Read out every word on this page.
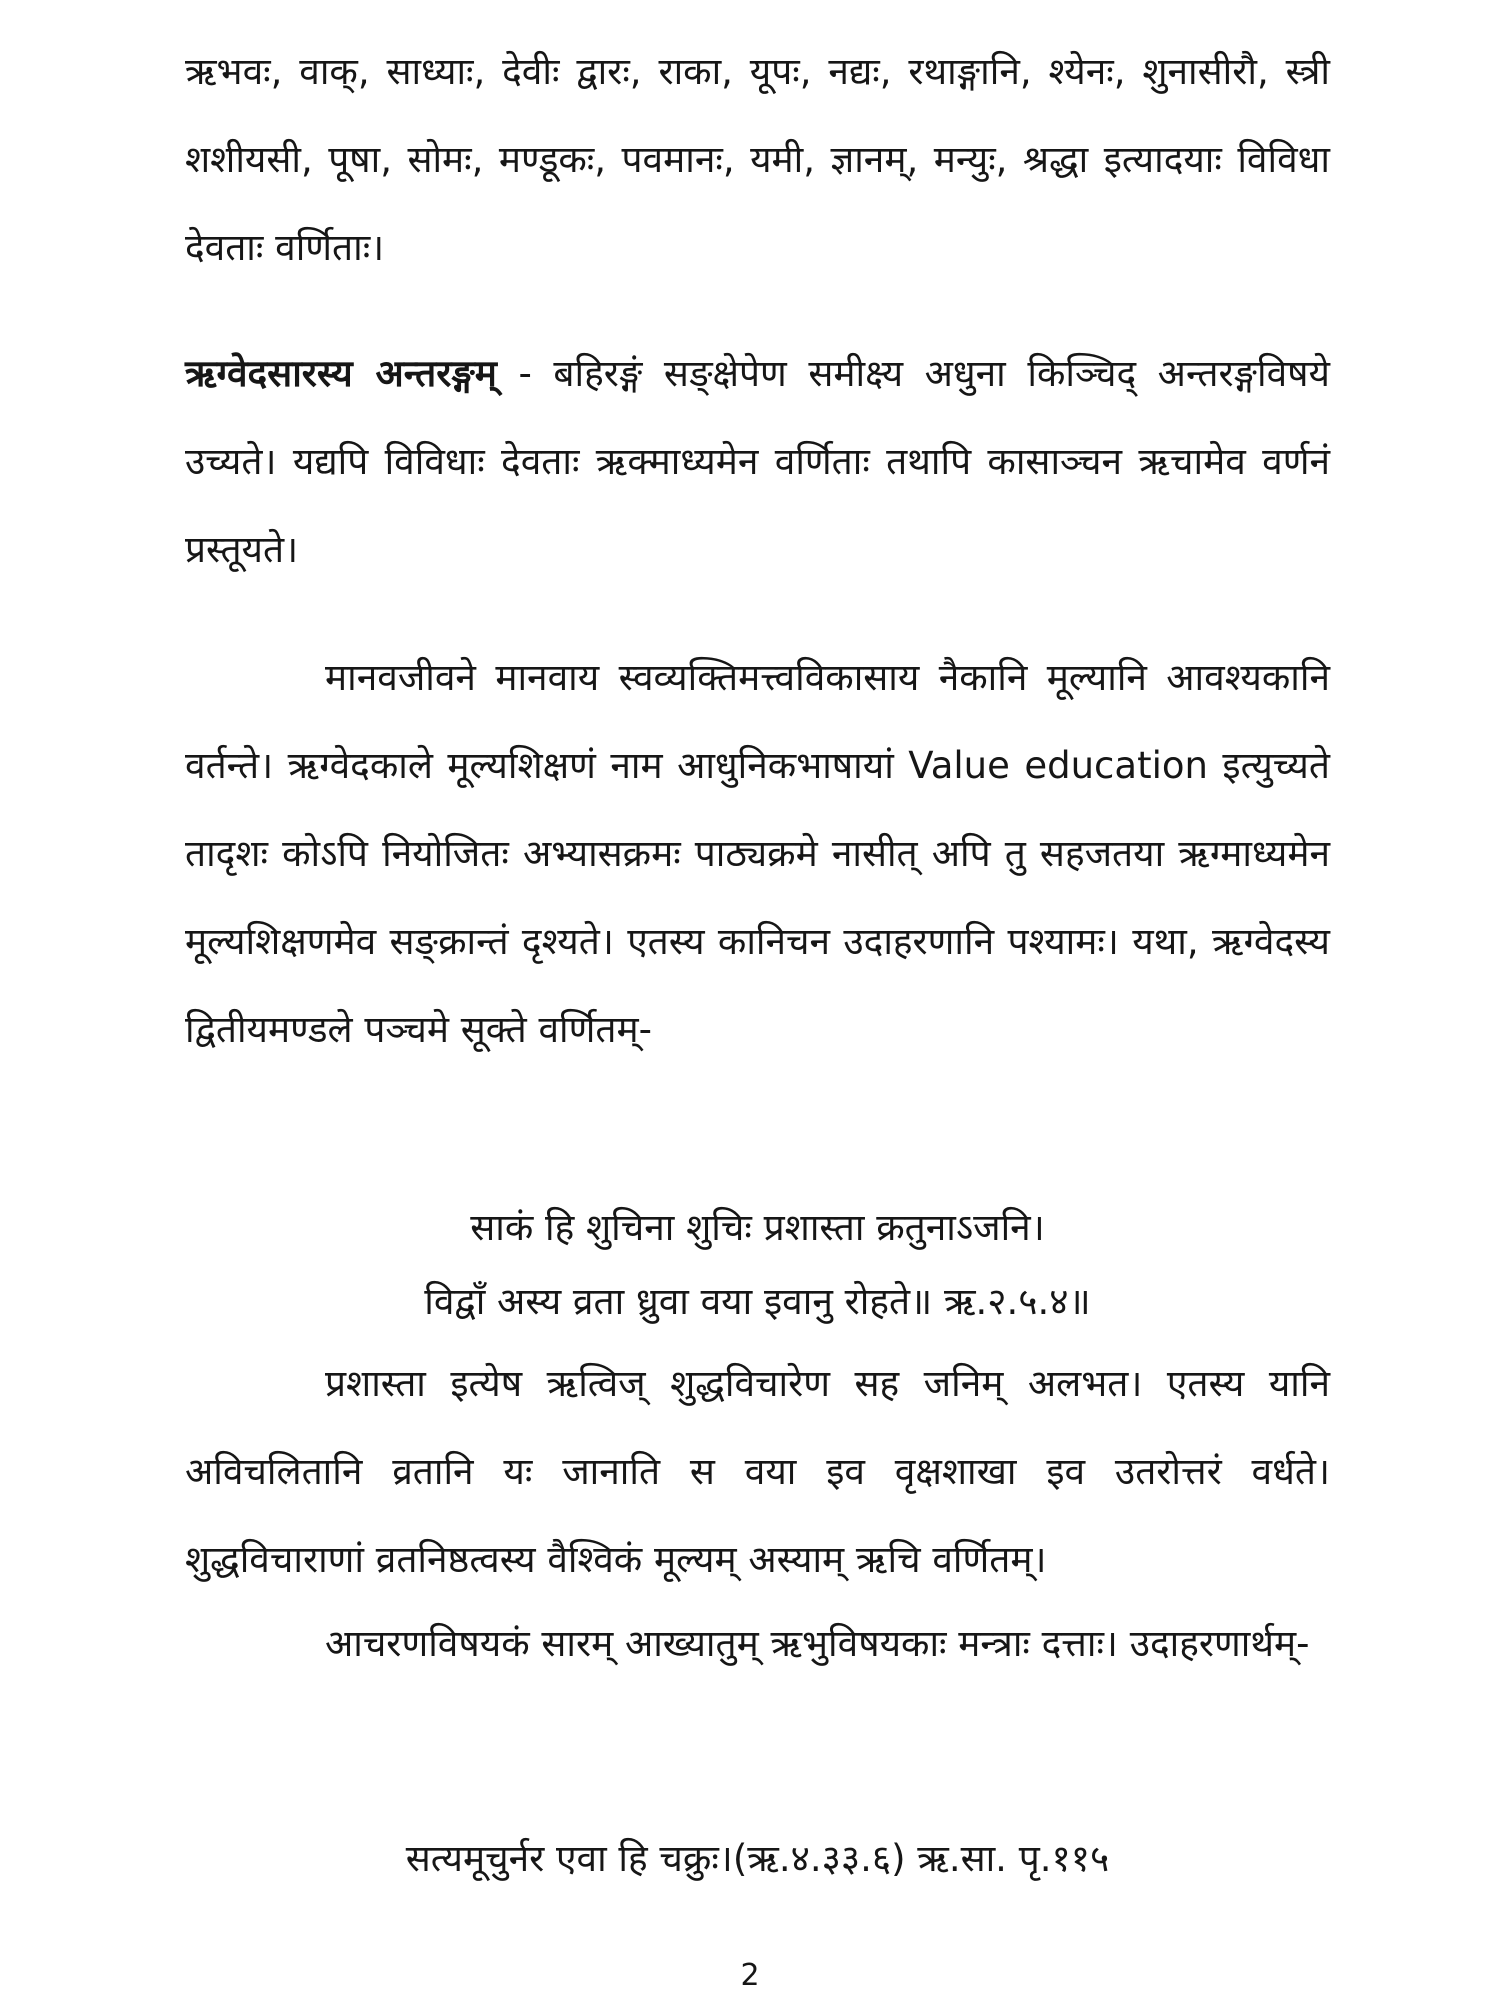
ऋभवः, वाक्, साध्याः, देवीः द्वारः, राका, यूपः, नद्यः, रथाङ्गानि, श्येनः, शुनासीरौ, स्त्री शशीयसी, पूषा, सोमः, मण्डूकः, पवमानः, यमी, ज्ञानम्, मन्युः, श्रद्धा इत्यादयाः विविधा देवताः वर्णिताः।

ऋग्वेदसारस्य अन्तरङ्गम् - बहिरङ्गं सङ्क्षेपेण समीक्ष्य अधुना किञ्चिद् अन्तरङ्गविषये उच्यते। यद्यपि विविधाः देवताः ऋक्माध्यमेन वर्णिताः तथापि कासाञ्चन ऋचामेव वर्णनं प्रस्तूयते।

मानवजीवने मानवाय स्वव्यक्तिमत्त्वविकासाय नैकानि मूल्यानि आवश्यकानि वर्तन्ते। ऋग्वेदकाले मूल्यशिक्षणं नाम आधुनिकभाषायां Value education इत्युच्यते तादृशः कोऽपि नियोजितः अभ्यासक्रमः पाठ्यक्रमे नासीत् अपि तु सहजतया ऋग्माध्यमेन मूल्यशिक्षणमेव सङ्क्रान्तं दृश्यते। एतस्य कानिचन उदाहरणानि पश्यामः। यथा, ऋग्वेदस्य द्वितीयमण्डले पञ्चमे सूक्ते वर्णितम्-

साकं हि शुचिना शुचिः प्रशास्ता क्रतुनाऽजनि।

विद्वाँ अस्य व्रता ध्रुवा वया इवानु रोहते॥ ऋ.२.५.४॥

प्रशास्ता इत्येष ऋत्विज् शुद्धविचारेण सह जनिम् अलभत। एतस्य यानि अविचलितानि व्रतानि यः जानाति स वया इव वृक्षशाखा इव उतरोत्तरं वर्धते। शुद्धविचाराणां व्रतनिष्ठत्वस्य वैश्विकं मूल्यम् अस्याम् ऋचि वर्णितम्।

आचरणविषयकं सारम् आख्यातुम् ऋभुविषयकाः मन्त्राः दत्ताः। उदाहरणार्थम्-

सत्यमूचुर्नर एवा हि चक्रुः।(ऋ.४.३३.६) ऋ.सा. पृ.११५

2
